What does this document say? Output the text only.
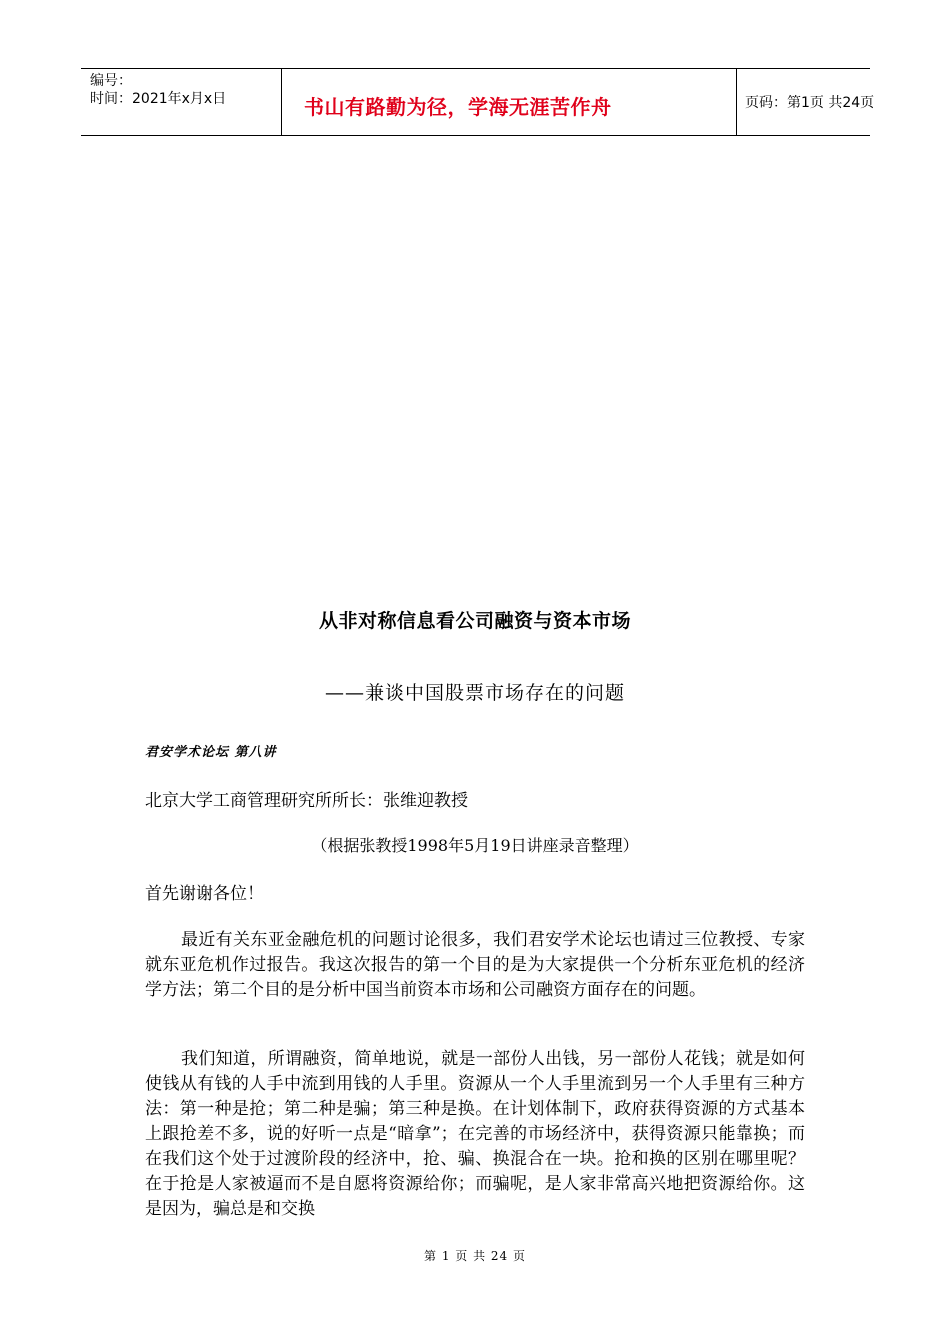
编号：
时间：2021年x月x日	书山有路勤为径，学海无涯苦作舟	页码：第1页 共24页
从非对称信息看公司融资与资本市场
——兼谈中国股票市场存在的问题
君安学术论坛 第八讲
北京大学工商管理研究所所长：张维迎教授
（根据张教授1998年5月19日讲座录音整理）
首先谢谢各位！

最近有关东亚金融危机的问题讨论很多，我们君安学术论坛也请过三位教授、专家就东亚危机作过报告。我这次报告的第一个目的是为大家提供一个分析东亚危机的经济学方法；第二个目的是分析中国当前资本市场和公司融资方面存在的问题。

我们知道，所谓融资，简单地说，就是一部份人出钱，另一部份人花钱；就是如何使钱从有钱的人手中流到用钱的人手里。资源从一个人手里流到另一个人手里有三种方法：第一种是抢；第二种是骗；第三种是换。在计划体制下，政府获得资源的方式基本上跟抢差不多，说的好听一点是“暗拿”；在完善的市场经济中，获得资源只能靠换；而在我们这个处于过渡阶段的经济中，抢、骗、换混合在一块。抢和换的区别在哪里呢？在于抢是人家被逼而不是自愿将资源给你；而骗呢，是人家非常高兴地把资源给你。这是因为，骗总是和交换

第 1 页 共 24 页
